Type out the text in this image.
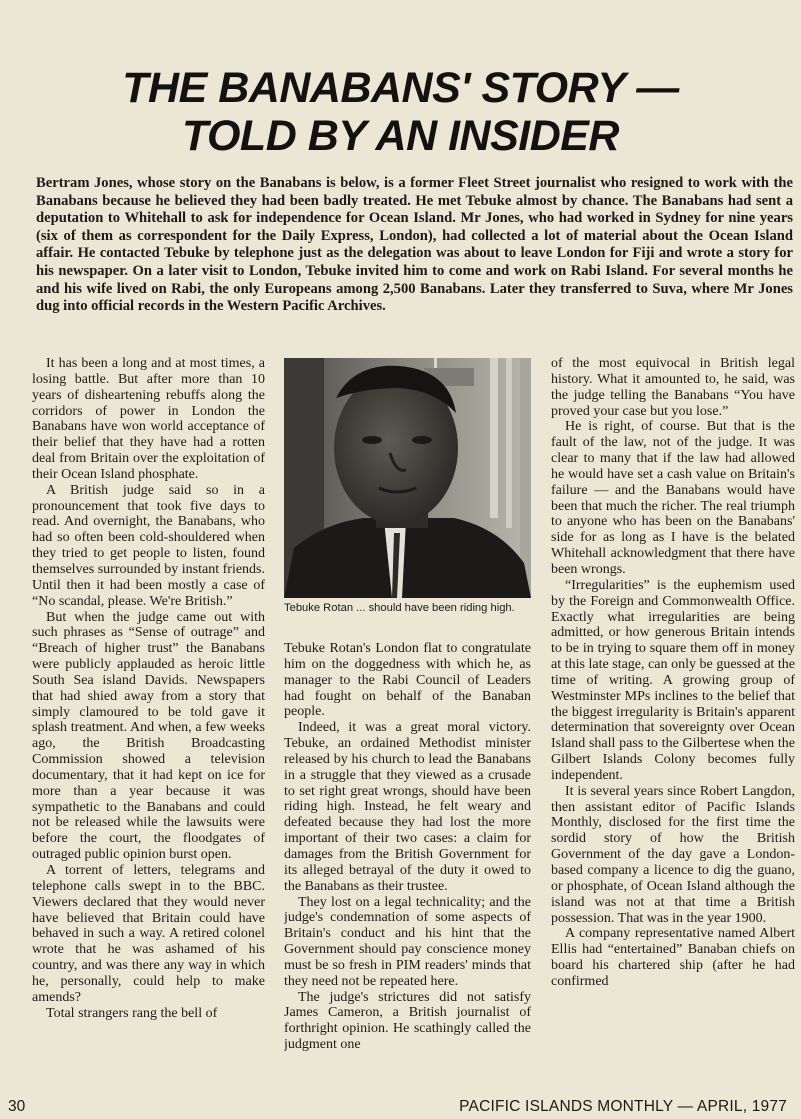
THE BANABANS' STORY —
TOLD BY AN INSIDER
Bertram Jones, whose story on the Banabans is below, is a former Fleet Street journalist who resigned to work with the Banabans because he believed they had been badly treated. He met Tebuke almost by chance. The Banabans had sent a deputation to Whitehall to ask for independence for Ocean Island. Mr Jones, who had worked in Sydney for nine years (six of them as correspondent for the Daily Express, London), had collected a lot of material about the Ocean Island affair. He contacted Tebuke by telephone just as the delegation was about to leave London for Fiji and wrote a story for his newspaper. On a later visit to London, Tebuke invited him to come and work on Rabi Island. For several months he and his wife lived on Rabi, the only Europeans among 2,500 Banabans. Later they transferred to Suva, where Mr Jones dug into official records in the Western Pacific Archives.

It has been a long and at most times, a losing battle. But after more than 10 years of disheartening rebuffs along the corridors of power in London the Banabans have won world acceptance of their belief that they have had a rotten deal from Britain over the exploitation of their Ocean Island phosphate.

A British judge said so in a pronouncement that took five days to read. And overnight, the Banabans, who had so often been cold-shouldered when they tried to get people to listen, found themselves surrounded by instant friends. Until then it had been mostly a case of “No scandal, please. We're British.”

But when the judge came out with such phrases as “Sense of outrage” and “Breach of higher trust” the Banabans were publicly applauded as heroic little South Sea island Davids. Newspapers that had shied away from a story that simply clamoured to be told gave it splash treatment. And when, a few weeks ago, the British Broadcasting Commission showed a television documentary, that it had kept on ice for more than a year because it was sympathetic to the Banabans and could not be released while the lawsuits were before the court, the floodgates of outraged public opinion burst open.

A torrent of letters, telegrams and telephone calls swept in to the BBC. Viewers declared that they would never have believed that Britain could have behaved in such a way. A retired colonel wrote that he was ashamed of his country, and was there any way in which he, personally, could help to make amends?

Total strangers rang the bell of

Tebuke Rotan ... should have been riding high.

Tebuke Rotan's London flat to congratulate him on the doggedness with which he, as manager to the Rabi Council of Leaders had fought on behalf of the Banaban people.

Indeed, it was a great moral victory. Tebuke, an ordained Methodist minister released by his church to lead the Banabans in a struggle that they viewed as a crusade to set right great wrongs, should have been riding high. Instead, he felt weary and defeated because they had lost the more important of their two cases: a claim for damages from the British Government for its alleged betrayal of the duty it owed to the Banabans as their trustee.

They lost on a legal technicality; and the judge's condemnation of some aspects of Britain's conduct and his hint that the Government should pay conscience money must be so fresh in PIM readers' minds that they need not be repeated here.

The judge's strictures did not satisfy James Cameron, a British journalist of forthright opinion. He scathingly called the judgment one

of the most equivocal in British legal history. What it amounted to, he said, was the judge telling the Banabans “You have proved your case but you lose.”

He is right, of course. But that is the fault of the law, not of the judge. It was clear to many that if the law had allowed he would have set a cash value on Britain's failure — and the Banabans would have been that much the richer. The real triumph to anyone who has been on the Banabans' side for as long as I have is the belated Whitehall acknowledgment that there have been wrongs.

“Irregularities” is the euphemism used by the Foreign and Commonwealth Office. Exactly what irregularities are being admitted, or how generous Britain intends to be in trying to square them off in money at this late stage, can only be guessed at the time of writing. A growing group of Westminster MPs inclines to the belief that the biggest irregularity is Britain's apparent determination that sovereignty over Ocean Island shall pass to the Gilbertese when the Gilbert Islands Colony becomes fully independent.

It is several years since Robert Langdon, then assistant editor of Pacific Islands Monthly, disclosed for the first time the sordid story of how the British Government of the day gave a London-based company a licence to dig the guano, or phosphate, of Ocean Island although the island was not at that time a British possession. That was in the year 1900.

A company representative named Albert Ellis had “entertained” Banaban chiefs on board his chartered ship (after he had confirmed

30	PACIFIC ISLANDS MONTHLY — APRIL, 1977
